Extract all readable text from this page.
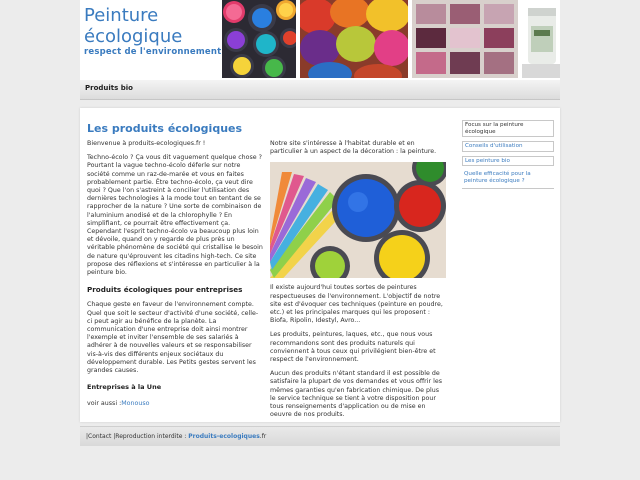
Peinture
écologique
respect de l'environnement
Produits bio
Les produits écologiques
Bienvenue à produits-ecologiques.fr !
Techno-écolo ? Ça vous dit vaguement quelque chose ? Pourtant la vague techno-écolo déferle sur notre société comme un raz-de-marée et vous en faites probablement partie. Être techno-écolo, ça veut dire quoi ? Que l'on s'astreint à concilier l'utilisation des dernières technologies à la mode tout en tentant de se rapprocher de la nature ? Une sorte de combinaison de l'aluminium anodisé et de la chlorophylle ? En simplifiant, ce pourrait être effectivement ça. Cependant l'esprit techno-écolo va beaucoup plus loin et dévoile, quand on y regarde de plus près un véritable phénomène de société qui cristallise le besoin de nature qu'éprouvent les citadins high-tech. Ce site propose des réflexions et s'intéresse en particulier à la peinture bio.
Produits écologiques pour entreprises
Chaque geste en faveur de l'environnement compte. Quel que soit le secteur d'activité d'une société, celle-ci peut agir au bénéfice de la planète. La communication d'une entreprise doit ainsi montrer l'exemple et inviter l'ensemble de ses salariés à adhérer à de nouvelles valeurs et se responsabiliser vis-à-vis des différents enjeux sociétaux du développement durable. Les Petits gestes servent les grandes causes.
Entreprises à la Une
voir aussi :Monouso
Notre site s'intéresse à l'habitat durable et en particulier à un aspect de la décoration : la peinture.
Il existe aujourd'hui toutes sortes de peintures respectueuses de l'environnement. L'objectif de notre site est d'évoquer ces techniques (peinture en poudre, etc.) et les principales marques qui les proposent : Biofa, Ripolin, Idestyl, Avro...
Les produits, peintures, laques, etc., que nous vous recommandons sont des produits naturels qui conviennent à tous ceux qui privilégient bien-être et respect de l'environnement.
Aucun des produits n'étant standard il est possible de satisfaire la plupart de vos demandes et vous offrir les mêmes garanties qu'en fabrication chimique. De plus le service technique se tient à votre disposition pour tous renseignements d'application ou de mise en oeuvre de nos produits.
Focus sur la peinture écologique
Conseils d'utilisation
Les peinture bio
Quelle efficacité pour la peinture écologique ?
|Contact |Reproduction interdite : Produits-ecologiques.fr
